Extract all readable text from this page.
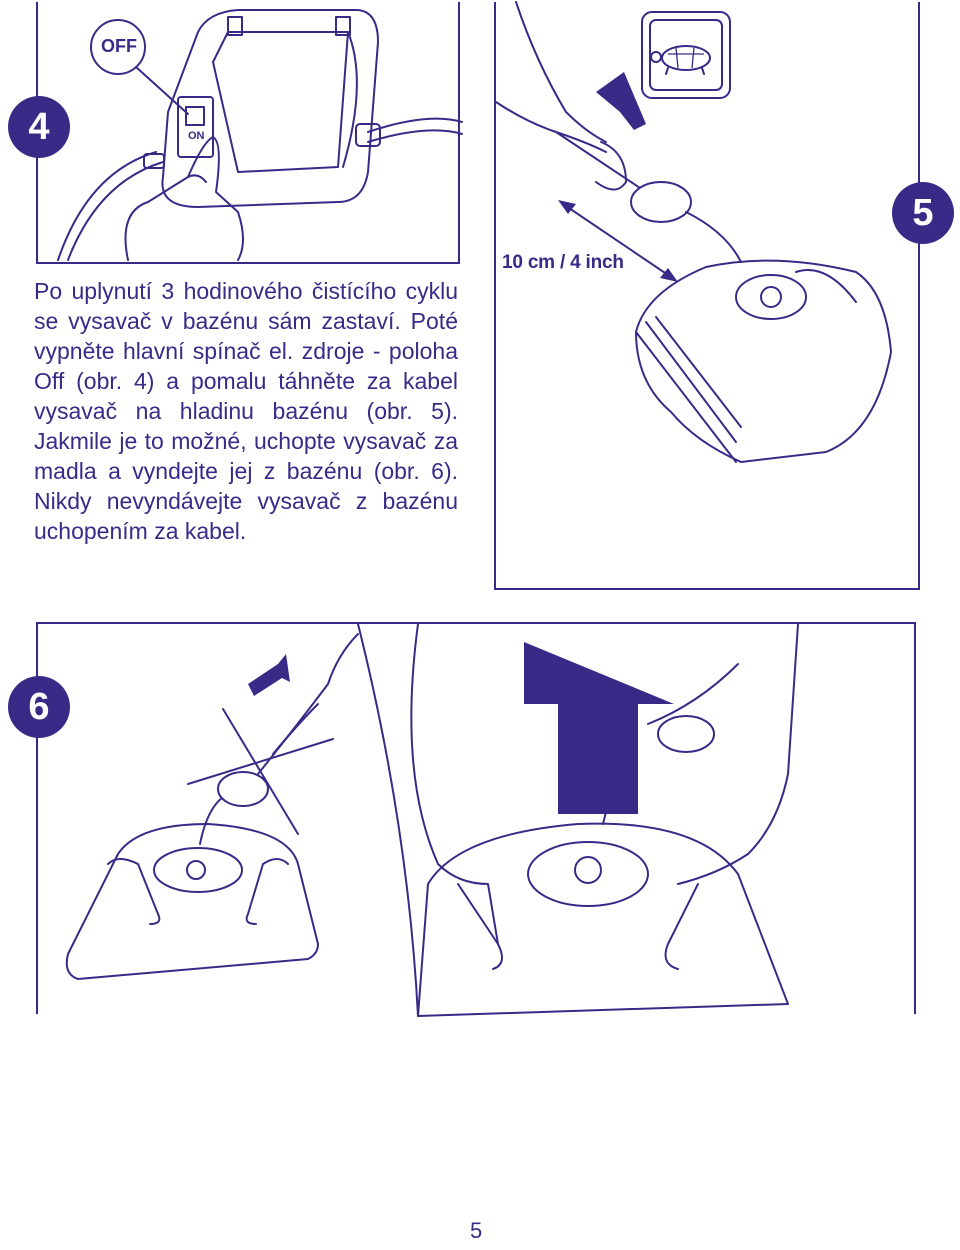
OFF
ON
4
Po uplynutí 3 hodinového čistícího cyklu se vysavač v bazénu sám zastaví. Poté vypněte hlavní spínač el. zdroje - poloha Off (obr. 4) a pomalu táhněte za kabel vysavač na hladinu bazénu (obr. 5). Jakmile je to možné, uchopte vysavač za madla a vyndejte jej z bazénu (obr. 6). Nikdy nevyndávejte vysavač z bazénu uchopením za kabel.
10 cm / 4 inch
5
6
5
